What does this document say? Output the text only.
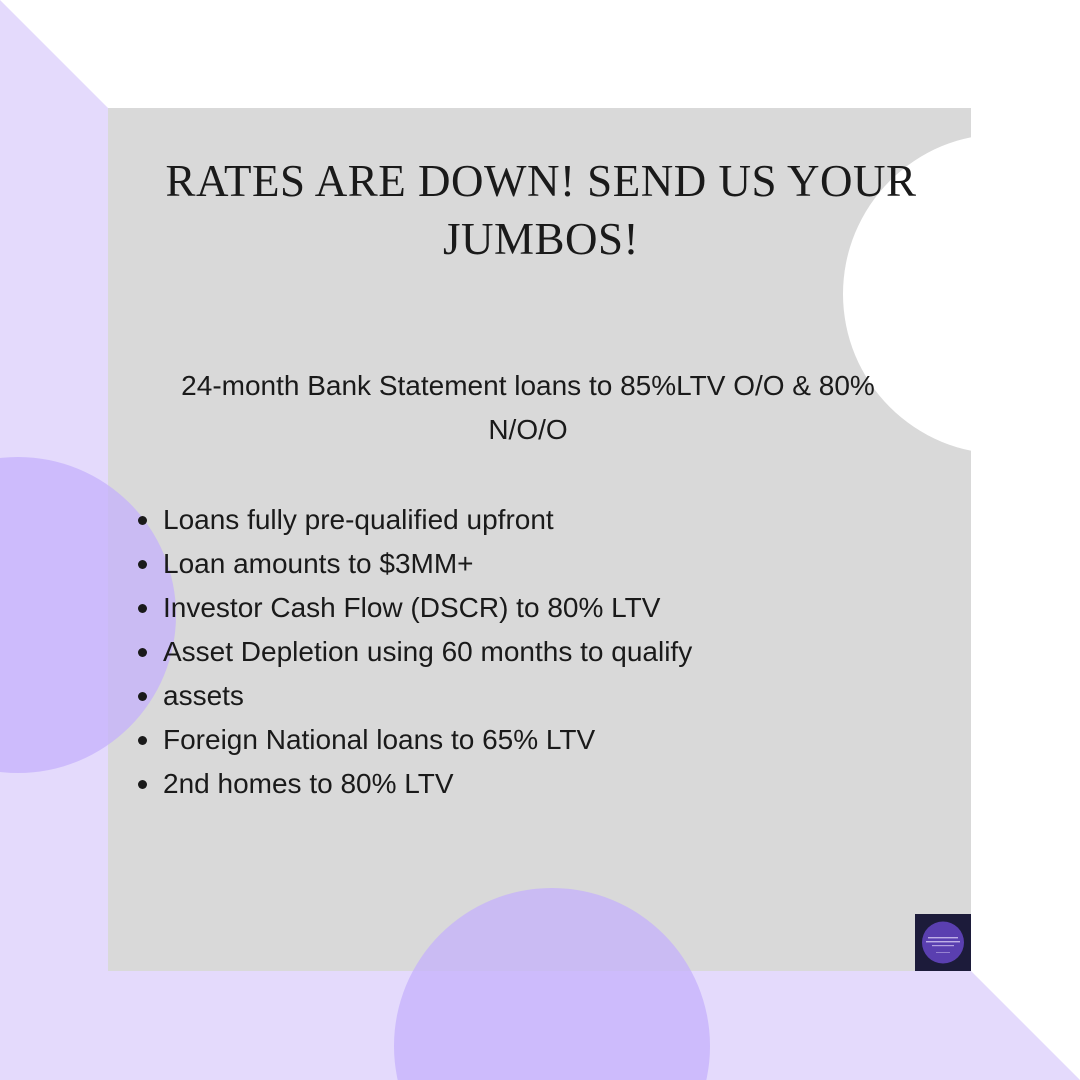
RATES ARE DOWN! SEND US YOUR
JUMBOS!

24-month Bank Statement loans to 85%LTV O/O & 80%
N/O/O

Loans fully pre-qualified upfront
Loan amounts to $3MM+
Investor Cash Flow (DSCR) to 80% LTV
Asset Depletion using 60 months to qualify
assets
Foreign National loans to 65% LTV
2nd homes to 80% LTV
